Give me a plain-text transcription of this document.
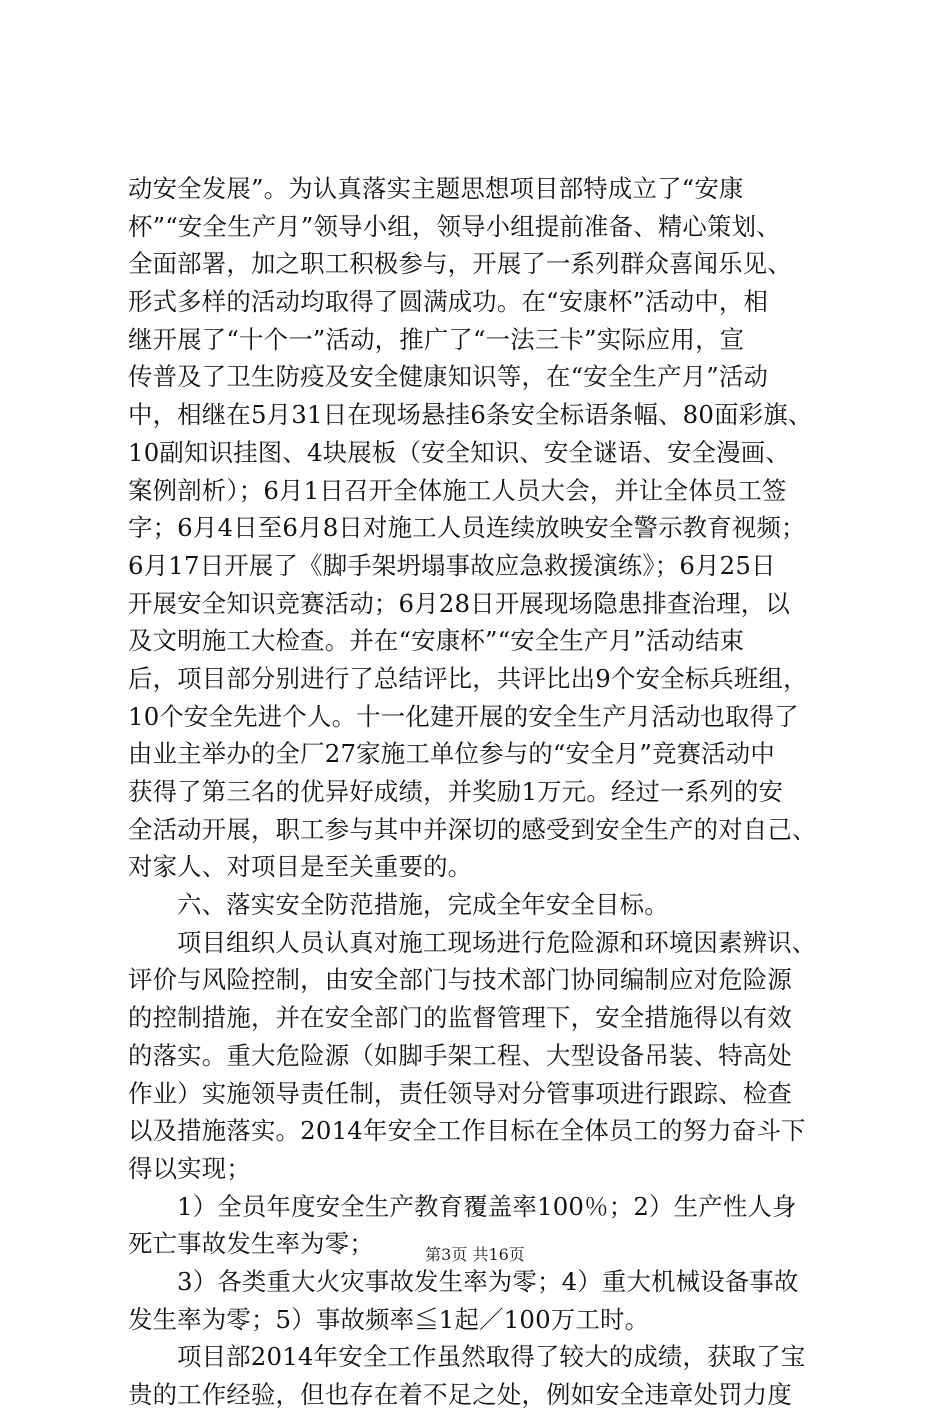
动安全发展”。为认真落实主题思想项目部特成立了“安康
杯”“安全生产月”领导小组，领导小组提前准备、精心策划、
全面部署，加之职工积极参与，开展了一系列群众喜闻乐见、
形式多样的活动均取得了圆满成功。在“安康杯”活动中，相
继开展了“十个一”活动，推广了“一法三卡”实际应用，宣
传普及了卫生防疫及安全健康知识等，在“安全生产月”活动
中，相继在5月31日在现场悬挂6条安全标语条幅、80面彩旗、
10副知识挂图、4块展板（安全知识、安全谜语、安全漫画、
案例剖析）；6月1日召开全体施工人员大会，并让全体员工签
字；6月4日至6月8日对施工人员连续放映安全警示教育视频；
6月17日开展了《脚手架坍塌事故应急救援演练》；6月25日
开展安全知识竞赛活动；6月28日开展现场隐患排查治理，以
及文明施工大检查。并在“安康杯”“安全生产月”活动结束
后，项目部分别进行了总结评比，共评比出9个安全标兵班组，
10个安全先进个人。十一化建开展的安全生产月活动也取得了
由业主举办的全厂27家施工单位参与的“安全月”竞赛活动中
获得了第三名的优异好成绩，并奖励1万元。经过一系列的安
全活动开展，职工参与其中并深切的感受到安全生产的对自己、
对家人、对项目是至关重要的。
六、落实安全防范措施，完成全年安全目标。
项目组织人员认真对施工现场进行危险源和环境因素辨识、
评价与风险控制，由安全部门与技术部门协同编制应对危险源
的控制措施，并在安全部门的监督管理下，安全措施得以有效
的落实。重大危险源（如脚手架工程、大型设备吊装、特高处
作业）实施领导责任制，责任领导对分管事项进行跟踪、检查
以及措施落实。2014年安全工作目标在全体员工的努力奋斗下
得以实现；
1）全员年度安全生产教育覆盖率100％；2）生产性人身
死亡事故发生率为零；
3）各类重大火灾事故发生率为零；4）重大机械设备事故
发生率为零；5）事故频率≦1起／100万工时。
项目部2014年安全工作虽然取得了较大的成绩，获取了宝
贵的工作经验，但也存在着不足之处，例如安全违章处罚力度
第3页 共16页
